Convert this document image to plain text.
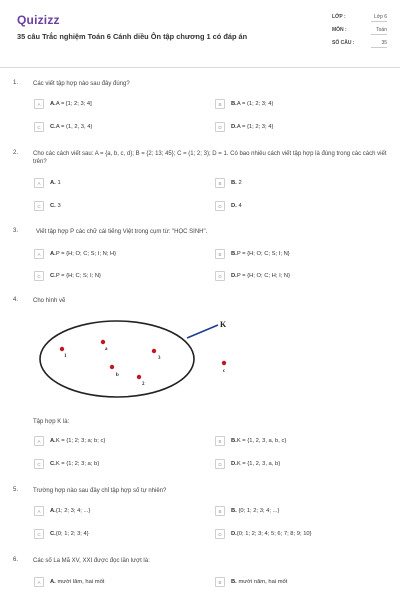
Quizizz
35 câu Trắc nghiệm Toán 6 Cánh diều Ôn tập chương 1 có đáp án
LỚP :	Lớp 6
MÔN :	Toán
SỐ CÂU :	35
1. Các viết tập hợp nào sau đây đúng?
A	A.A = [1; 2; 3; 4]	B	B.A = (1; 2; 3; 4)
C	C.A = (1, 2, 3, 4)	D	D.A = {1; 2; 3; 4}
2. Cho các cách viết sau: A = {a, b, c, d}; B = {2; 13; 45}; C = (1; 2; 3); D = 1. Có bao nhiêu cách viết tập hợp là đúng trong các cách viết trên?
A	A. 1	B	B. 2
C	C. 3	D	D. 4
3.	Viết tập hợp P các chữ cái tiếng Việt trong cụm từ: "HỌC SINH".
A	A.P = {H; O; C; S; I; N; H}	B	B.P = {H; O; C; S; I; N}
C	C.P = {H; C; S; I; N}	D	D.P = {H; O; C; H; I; N}
4. Cho hình vẽ
K
1
a
3
b
2
c
Tập hợp K là:
A	A.K = {1; 2; 3; a; b; c}	B	B.K = {1, 2, 3, a, b, c}
C	C.K = {1; 2; 3; a; b}	D	D.K = {1, 2, 3, a, b}
5. Trường hợp nào sau đây chỉ tập hợp số tự nhiên?
A	A.{1; 2; 3; 4; ...}	B	B. {0; 1; 2; 3; 4; ...}
C	C.{0; 1; 2; 3; 4}	D	D.{0; 1; 2; 3; 4; 5; 6; 7; 8; 9; 10}
6. Các số La Mã XV, XXI được đọc lần lượt là:
A	A. mười lăm, hai mốt	B	B. mười năm, hai mốt
